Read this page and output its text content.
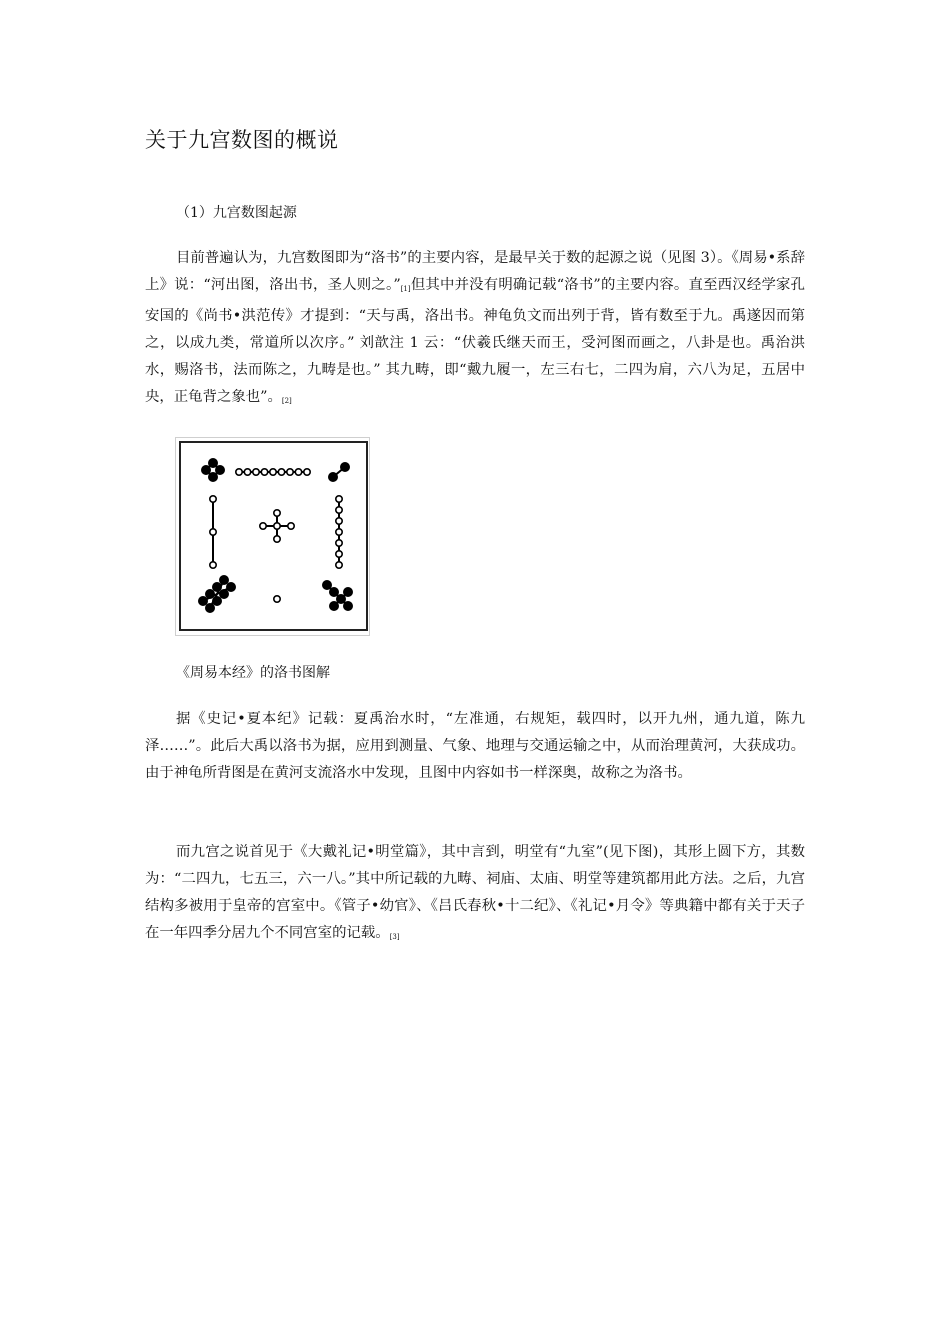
关于九宫数图的概说
（1）九宫数图起源

目前普遍认为，九宫数图即为“洛书”的主要内容，是最早关于数的起源之说（见图 3）。《周易•系辞上》说：“河出图，洛出书，圣人则之。”[1]但其中并没有明确记载“洛书”的主要内容。直至西汉经学家孔安国的《尚书•洪范传》才提到：“天与禹，洛出书。神龟负文而出列于背，皆有数至于九。禹遂因而第之，以成九类，常道所以次序。” 刘歆注 1 云：“伏羲氏继天而王，受河图而画之，八卦是也。禹治洪水，赐洛书，法而陈之，九畴是也。” 其九畴，即“戴九履一，左三右七，二四为肩，六八为足，五居中央，正龟背之象也”。[2]

《周易本经》的洛书图解

据《史记•夏本纪》记载：夏禹治水时，“左准通，右规矩，载四时，以开九州，通九道，陈九泽……”。此后大禹以洛书为据，应用到测量、气象、地理与交通运输之中，从而治理黄河，大获成功。由于神龟所背图是在黄河支流洛水中发现，且图中内容如书一样深奥，故称之为洛书。

而九宫之说首见于《大戴礼记•明堂篇》，其中言到，明堂有“九室”(见下图)，其形上圆下方，其数为：“二四九，七五三，六一八。”其中所记载的九畴、祠庙、太庙、明堂等建筑都用此方法。之后，九宫结构多被用于皇帝的宫室中。《管子•幼官》、《吕氏春秋•十二纪》、《礼记•月令》等典籍中都有关于天子在一年四季分居九个不同宫室的记载。[3]
